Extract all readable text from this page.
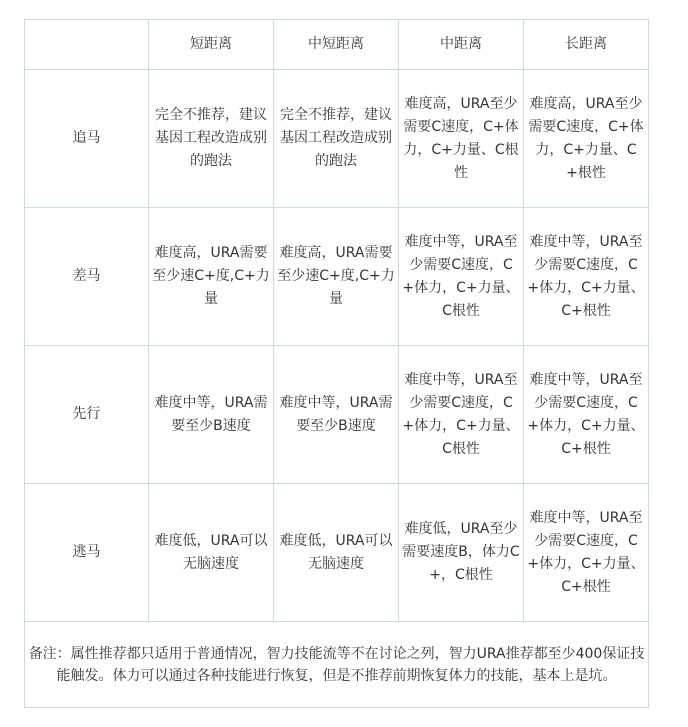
	短距离	中短距离	中距离	长距离
追马	完全不推荐，建议基因工程改造成别的跑法	完全不推荐，建议基因工程改造成别的跑法	难度高，URA至少需要C速度，C+体力，C+力量、C根性	难度高，URA至少需要C速度，C+体力，C+力量、C+根性
差马	难度高，URA需要至少速C+度,C+力量	难度高，URA需要至少速C+度,C+力量	难度中等，URA至少需要C速度，C+体力，C+力量、C根性	难度中等，URA至少需要C速度，C+体力，C+力量、C+根性
先行	难度中等，URA需要至少B速度	难度中等，URA需要至少B速度	难度中等，URA至少需要C速度，C+体力，C+力量、C根性	难度中等，URA至少需要C速度，C+体力，C+力量、C+根性
逃马	难度低，URA可以无脑速度	难度低，URA可以无脑速度	难度低，URA至少需要速度B，体力C+，C根性	难度中等，URA至少需要C速度，C+体力，C+力量、C+根性
备注：属性推荐都只适用于普通情况，智力技能流等不在讨论之列，智力URA推荐都至少400保证技能触发。体力可以通过各种技能进行恢复，但是不推荐前期恢复体力的技能，基本上是坑。				
